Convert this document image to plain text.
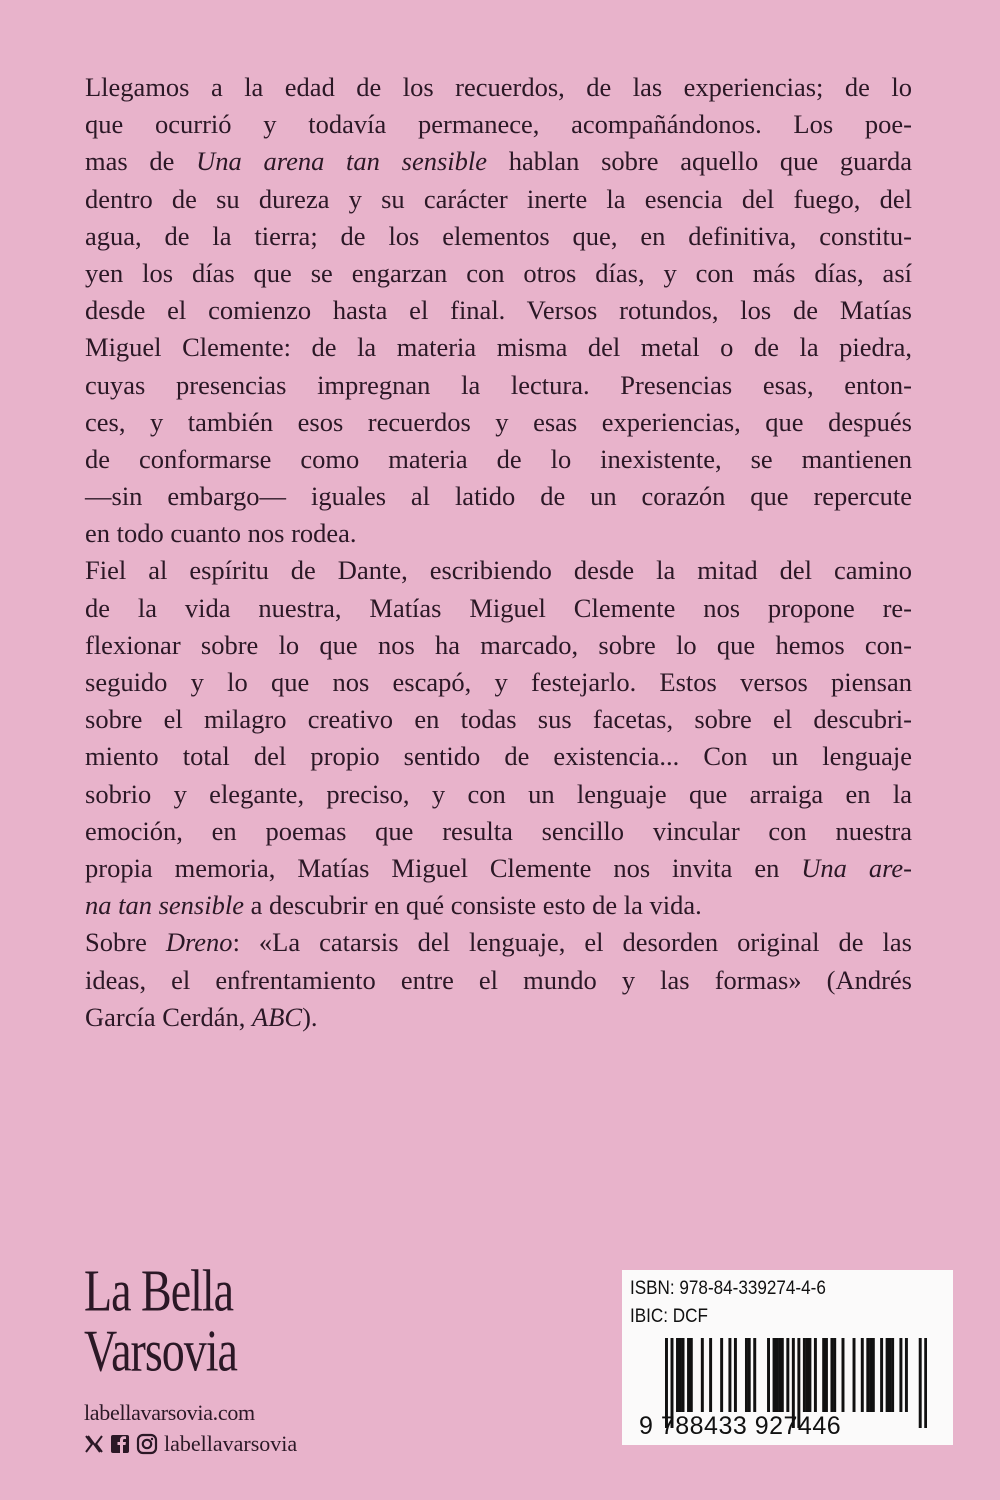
Llegamos a la edad de los recuerdos, de las experiencias; de lo
que ocurrió y todavía permanece, acompañándonos. Los poe-
mas de Una arena tan sensible hablan sobre aquello que guarda
dentro de su dureza y su carácter inerte la esencia del fuego, del
agua, de la tierra; de los elementos que, en definitiva, constitu-
yen los días que se engarzan con otros días, y con más días, así
desde el comienzo hasta el final. Versos rotundos, los de Matías
Miguel Clemente: de la materia misma del metal o de la piedra,
cuyas presencias impregnan la lectura. Presencias esas, enton-
ces, y también esos recuerdos y esas experiencias, que después
de conformarse como materia de lo inexistente, se mantienen
—sin embargo— iguales al latido de un corazón que repercute
en todo cuanto nos rodea.
Fiel al espíritu de Dante, escribiendo desde la mitad del camino
de la vida nuestra, Matías Miguel Clemente nos propone re-
flexionar sobre lo que nos ha marcado, sobre lo que hemos con-
seguido y lo que nos escapó, y festejarlo. Estos versos piensan
sobre el milagro creativo en todas sus facetas, sobre el descubri-
miento total del propio sentido de existencia... Con un lenguaje
sobrio y elegante, preciso, y con un lenguaje que arraiga en la
emoción, en poemas que resulta sencillo vincular con nuestra
propia memoria, Matías Miguel Clemente nos invita en Una are-
na tan sensible a descubrir en qué consiste esto de la vida.
Sobre Dreno: «La catarsis del lenguaje, el desorden original de las
ideas, el enfrentamiento entre el mundo y las formas» (Andrés
García Cerdán, ABC).
La Bella
Varsovia
labellavarsovia.com
labellavarsovia
ISBN: 978-84-339274-4-6
IBIC: DCF
9 788433 927446
